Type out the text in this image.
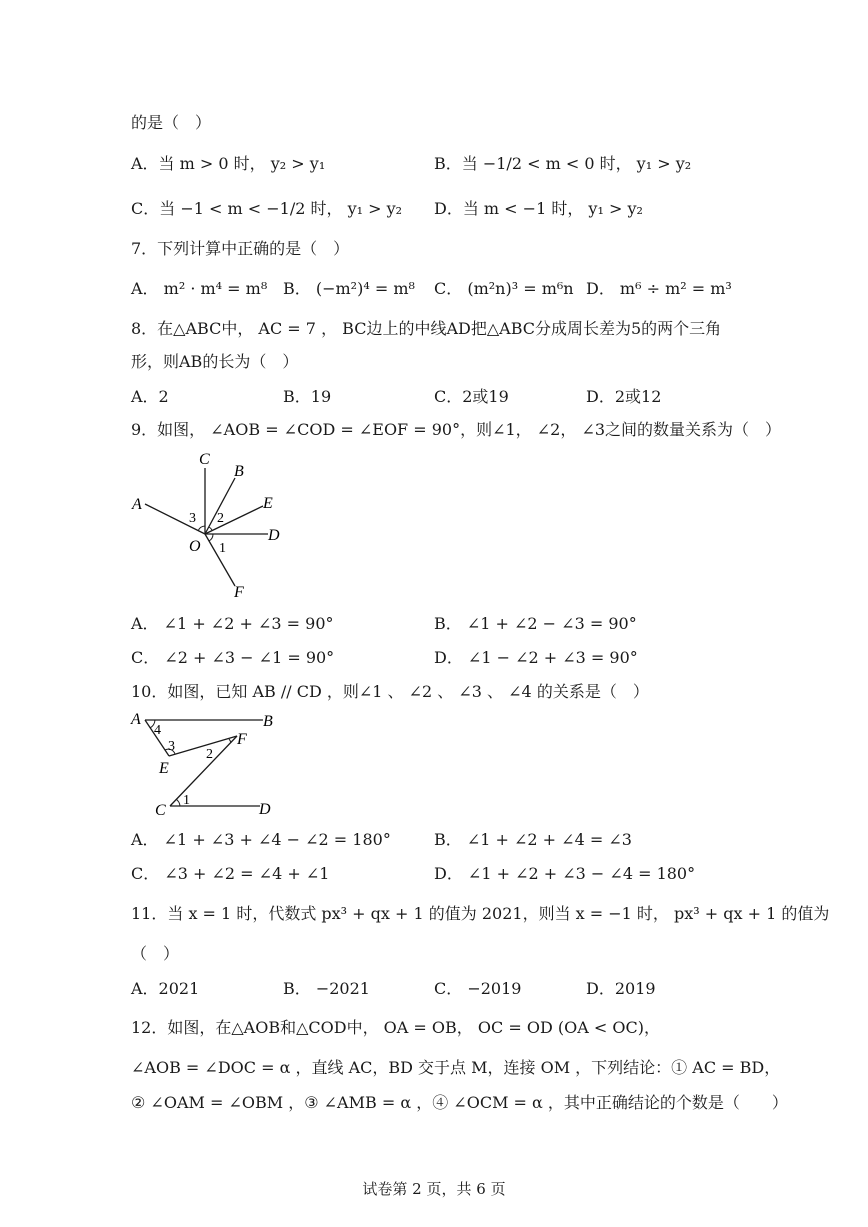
的是（　）
A．当 m > 0 时， y₂ > y₁	B．当 −1/2 < m < 0 时， y₁ > y₂
C．当 −1 < m < −1/2 时， y₁ > y₂ D．当 m < −1 时， y₁ > y₂
7．下列计算中正确的是（　）
A． m² · m⁴ = m⁸ B． (−m²)⁴ = m⁸ C． (m²n)³ = m⁶n D． m⁶ ÷ m² = m³
8．在△ABC中， AC = 7 ， BC边上的中线AD把△ABC分成周长差为5的两个三角
形，则AB的长为（　）
A．2	B．19	C．2或19	D．2或12
9．如图， ∠AOB = ∠COD = ∠EOF = 90°，则∠1， ∠2， ∠3之间的数量关系为（　）
C
B
E
D
A
F
O
3 2
1
A． ∠1 + ∠2 + ∠3 = 90°	B． ∠1 + ∠2 − ∠3 = 90°
C． ∠2 + ∠3 − ∠1 = 90°	D． ∠1 − ∠2 + ∠3 = 90°
10．如图，已知 AB // CD ，则∠1 、 ∠2 、 ∠3 、 ∠4 的关系是（　）
A	B
C	D
E
F
4
3
2
1
A． ∠1 + ∠3 + ∠4 − ∠2 = 180°	B． ∠1 + ∠2 + ∠4 = ∠3
C． ∠3 + ∠2 = ∠4 + ∠1	D． ∠1 + ∠2 + ∠3 − ∠4 = 180°
11．当 x = 1 时，代数式 px³ + qx + 1 的值为 2021，则当 x = −1 时， px³ + qx + 1 的值为
（　）
A．2021	B． −2021	C． −2019	D．2019
12．如图，在△AOB和△COD中， OA = OB， OC = OD (OA < OC)，
∠AOB = ∠DOC = α ，直线 AC，BD 交于点 M，连接 OM ，下列结论：① AC = BD，
② ∠OAM = ∠OBM ，③ ∠AMB = α ，④ ∠OCM = α ，其中正确结论的个数是（　　）
试卷第 2 页，共 6 页
